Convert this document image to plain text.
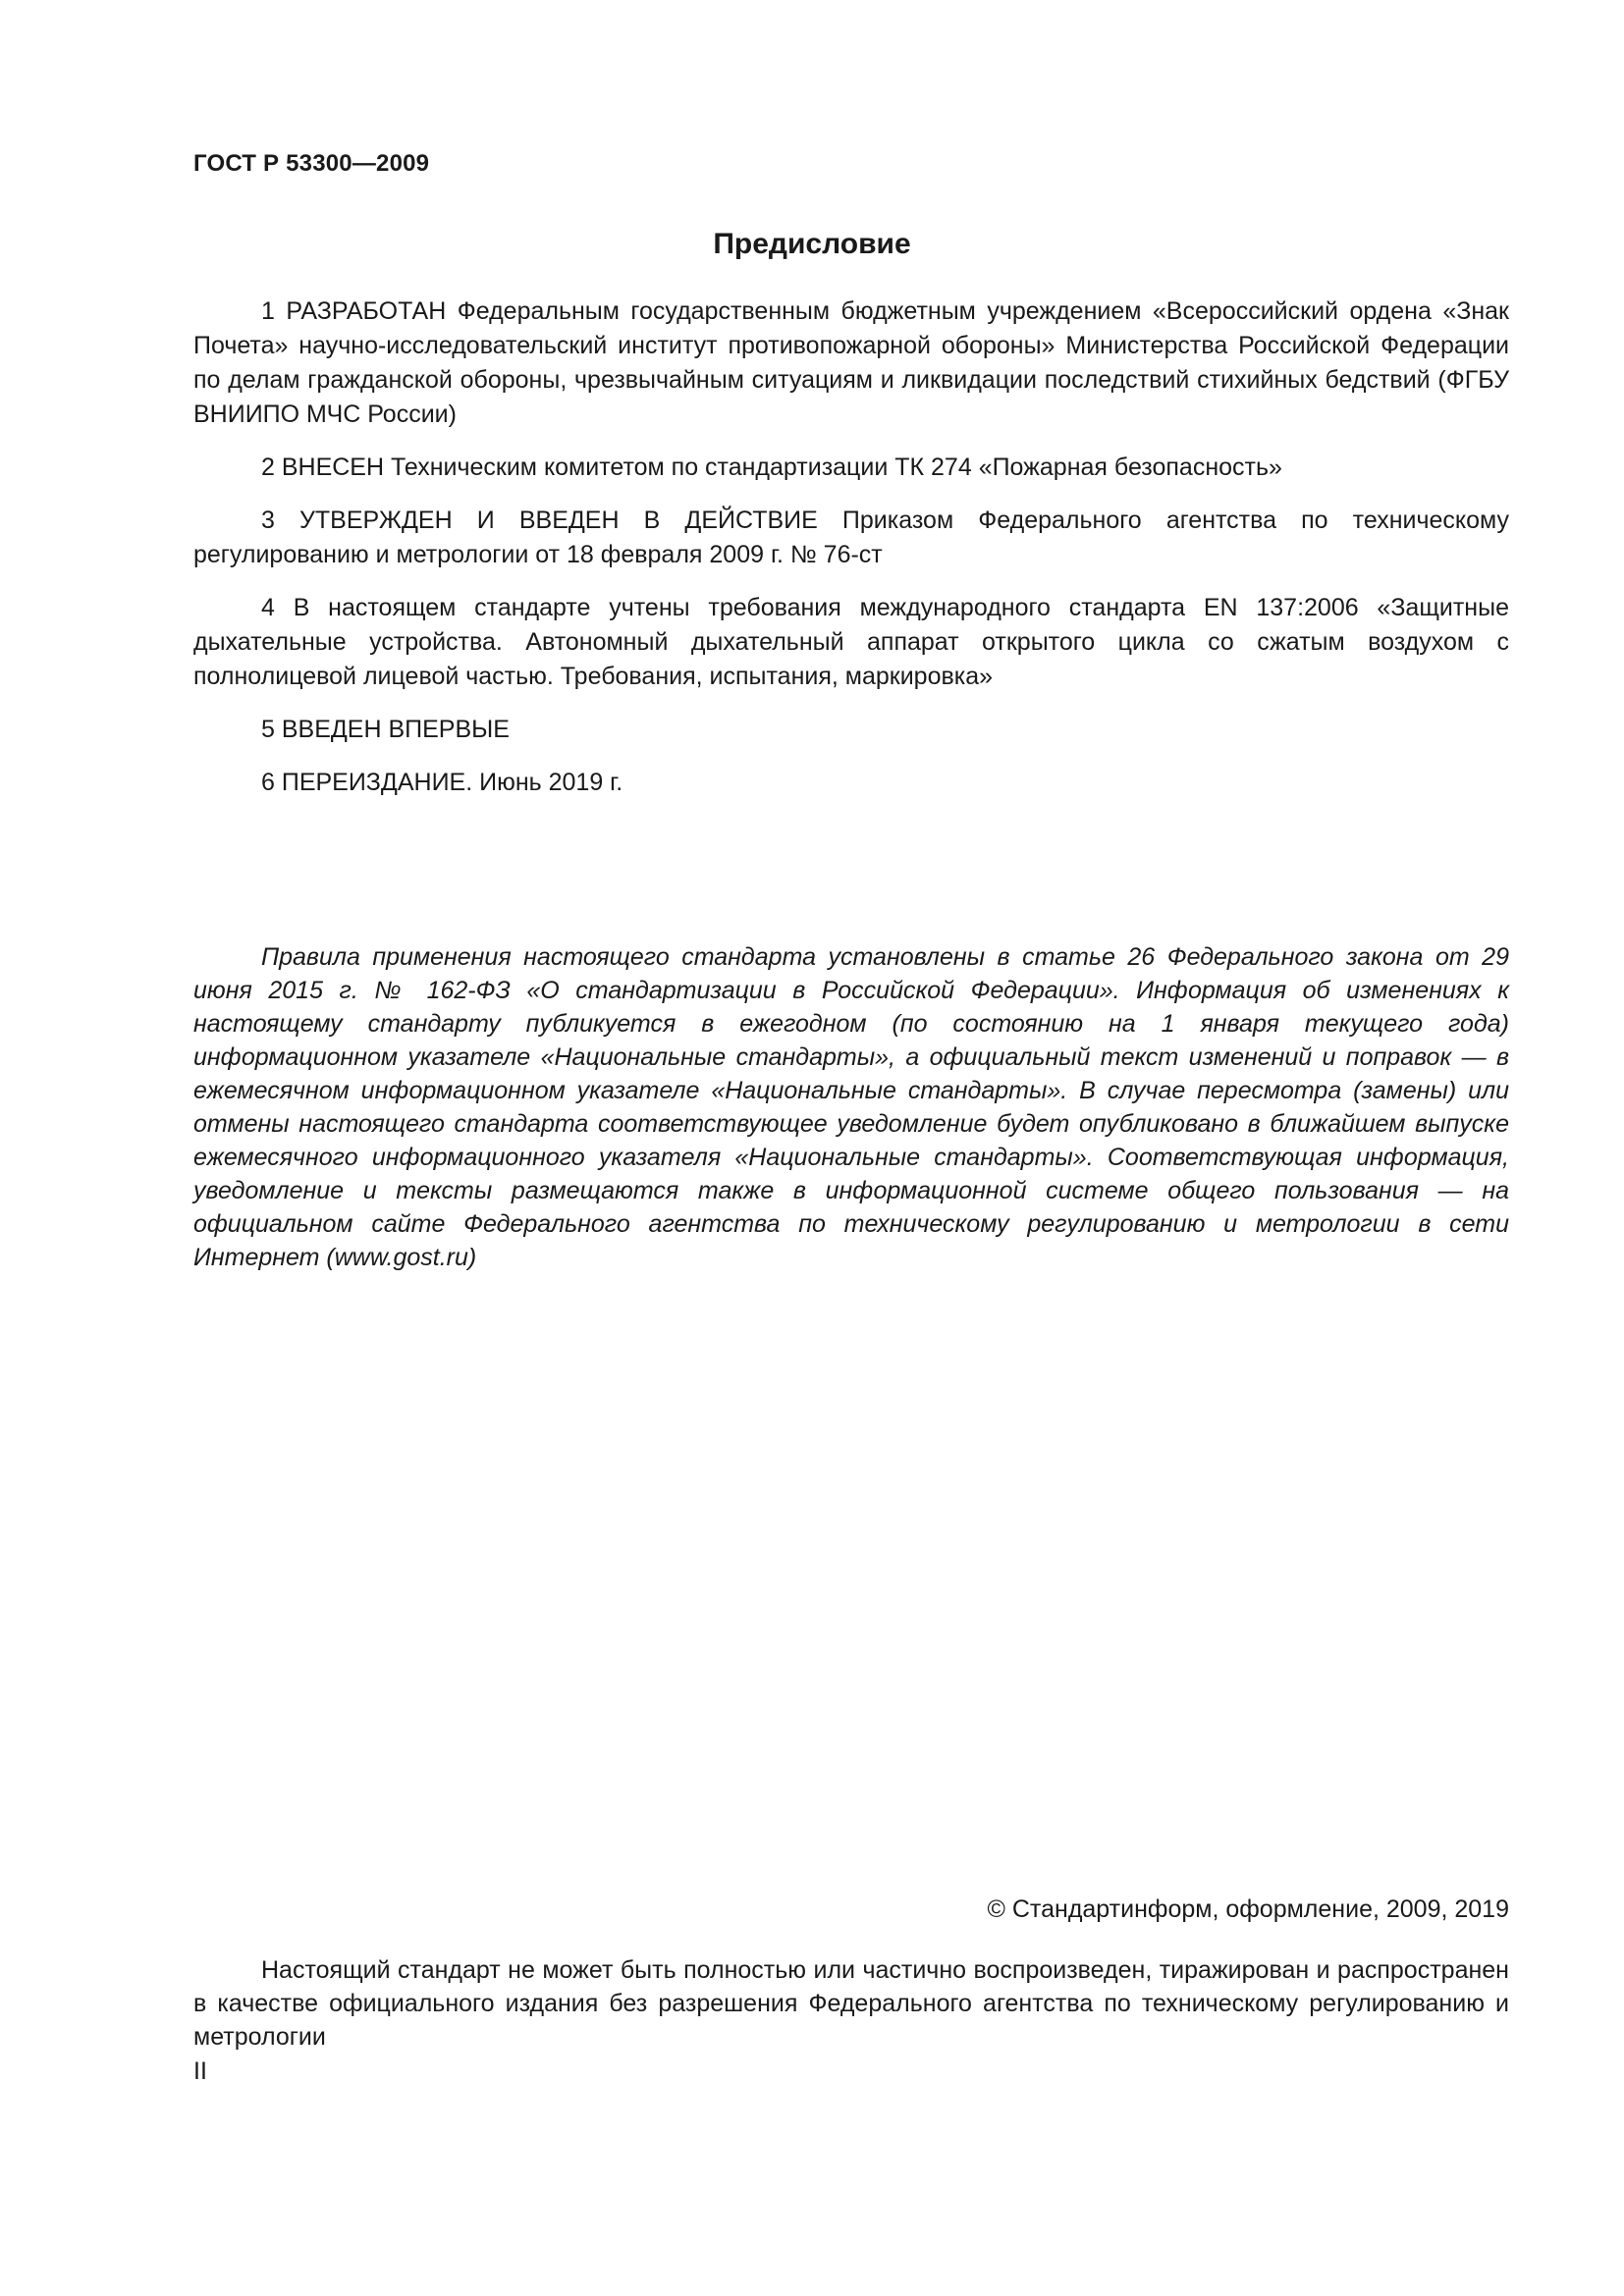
ГОСТ Р 53300—2009
Предисловие

1 РАЗРАБОТАН Федеральным государственным бюджетным учреждением «Всероссийский ордена «Знак Почета» научно-исследовательский институт противопожарной обороны» Министерства Российской Федерации по делам гражданской обороны, чрезвычайным ситуациям и ликвидации последствий стихийных бедствий (ФГБУ ВНИИПО МЧС России)

2 ВНЕСЕН Техническим комитетом по стандартизации ТК 274 «Пожарная безопасность»

3 УТВЕРЖДЕН И ВВЕДЕН В ДЕЙСТВИЕ Приказом Федерального агентства по техническому регулированию и метрологии от 18 февраля 2009 г. № 76-ст

4 В настоящем стандарте учтены требования международного стандарта EN 137:2006 «Защитные дыхательные устройства. Автономный дыхательный аппарат открытого цикла со сжатым воздухом с полнолицевой лицевой частью. Требования, испытания, маркировка»

5 ВВЕДЕН ВПЕРВЫЕ

6 ПЕРЕИЗДАНИЕ. Июнь 2019 г.

Правила применения настоящего стандарта установлены в статье 26 Федерального закона от 29 июня 2015 г. № 162-ФЗ «О стандартизации в Российской Федерации». Информация об изменениях к настоящему стандарту публикуется в ежегодном (по состоянию на 1 января текущего года) информационном указателе «Национальные стандарты», а официальный текст изменений и поправок — в ежемесячном информационном указателе «Национальные стандарты». В случае пересмотра (замены) или отмены настоящего стандарта соответствующее уведомление будет опубликовано в ближайшем выпуске ежемесячного информационного указателя «Национальные стандарты». Соответствующая информация, уведомление и тексты размещаются также в информационной системе общего пользования — на официальном сайте Федерального агентства по техническому регулированию и метрологии в сети Интернет (www.gost.ru)

© Стандартинформ, оформление, 2009, 2019

Настоящий стандарт не может быть полностью или частично воспроизведен, тиражирован и распространен в качестве официального издания без разрешения Федерального агентства по техническому регулированию и метрологии

II
